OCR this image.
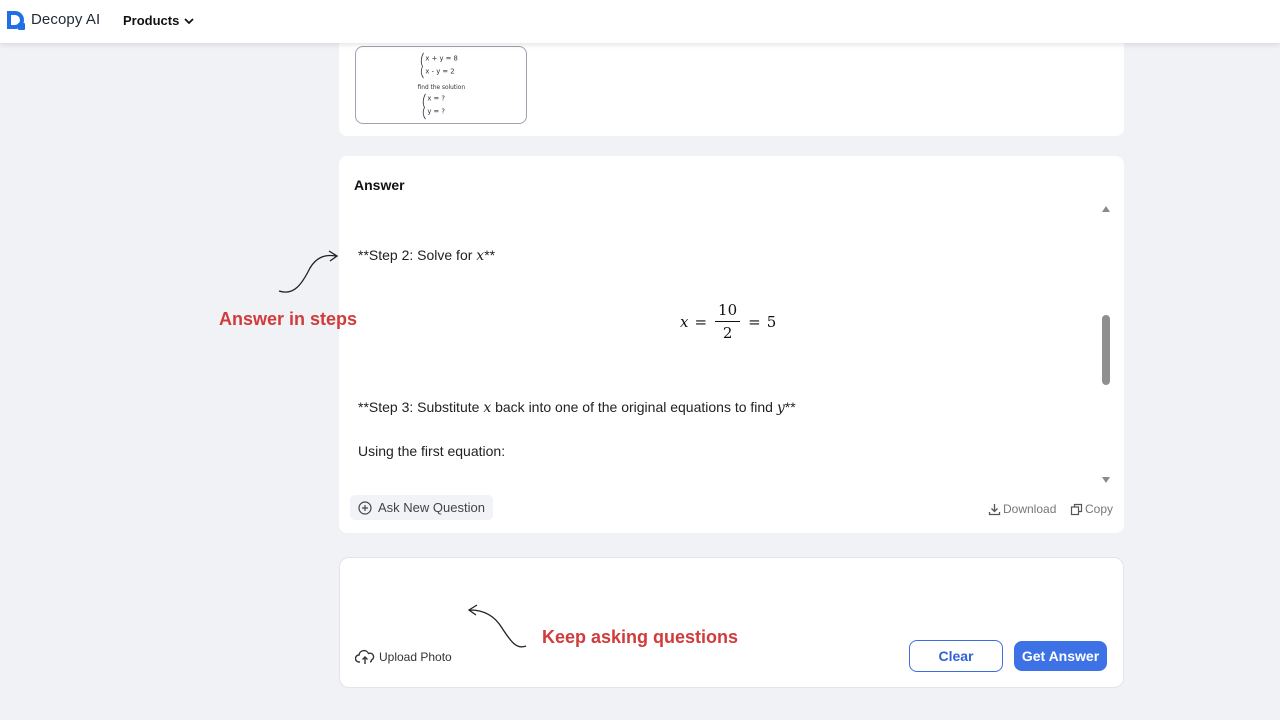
Decopy AI Products
x + y = 8
x - y = 2
find the solution
x = ?
y = ?
Answer
**Step 2: Solve for x**
$x = \frac{10}{2} = 5$
**Step 3: Substitute x back into one of the original equations to find y**
Using the first equation:
Ask New Question	Download Copy
Upload Photo	Clear	Get Answer
Answer in steps
Keep asking questions
